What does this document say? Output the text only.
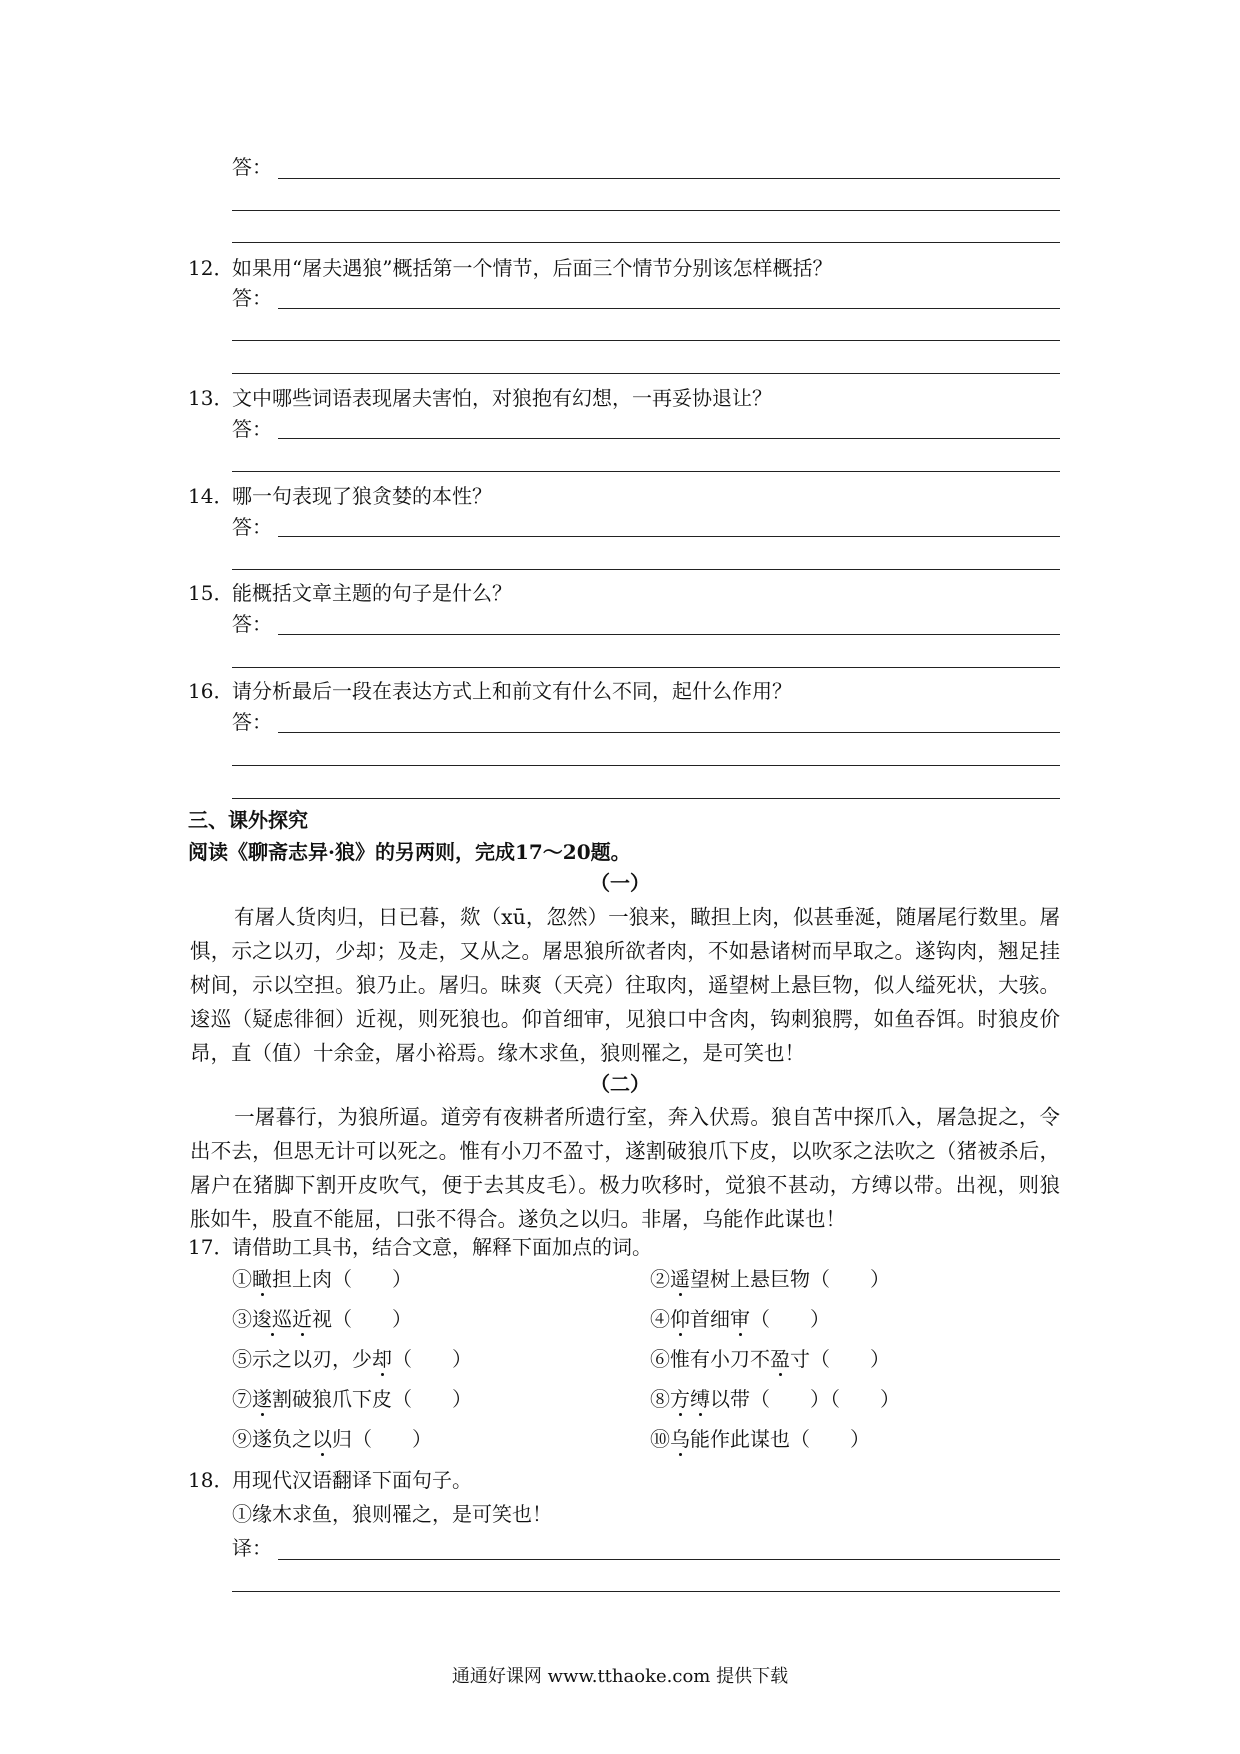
答：
12．
如果用“屠夫遇狼”概括第一个情节，后面三个情节分别该怎样概括？
答：
13．
文中哪些词语表现屠夫害怕，对狼抱有幻想，一再妥协退让？
答：
14．
哪一句表现了狼贪婪的本性？
答：
15．
能概括文章主题的句子是什么？
答：
16．
请分析最后一段在表达方式上和前文有什么不同，起什么作用？
答：
三、课外探究
阅读《聊斋志异·狼》的另两则，完成17～20题。
（一）
有屠人货肉归，日已暮，欻（xū，忽然）一狼来，瞰担上肉，似甚垂涎，随屠尾行数里。屠惧，示之以刃，少却；及走，又从之。屠思狼所欲者肉，不如悬诸树而早取之。遂钩肉，翘足挂树间，示以空担。狼乃止。屠归。昧爽（天亮）往取肉，遥望树上悬巨物，似人缢死状，大骇。逡巡（疑虑徘徊）近视，则死狼也。仰首细审，见狼口中含肉，钩刺狼腭，如鱼吞饵。时狼皮价昂，直（值）十余金，屠小裕焉。缘木求鱼，狼则罹之，是可笑也！
（二）
一屠暮行，为狼所逼。道旁有夜耕者所遗行室，奔入伏焉。狼自苫中探爪入，屠急捉之，令出不去，但思无计可以死之。惟有小刀不盈寸，遂割破狼爪下皮，以吹豕之法吹之（猪被杀后，屠户在猪脚下割开皮吹气，便于去其皮毛）。极力吹移时，觉狼不甚动，方缚以带。出视，则狼胀如牛，股直不能屈，口张不得合。遂负之以归。非屠，乌能作此谋也！
17．
请借助工具书，结合文意，解释下面加点的词。
①瞰担上肉（　　）	②遥望树上悬巨物（　　）
③逡巡近视（　　）	④仰首细审（　　）
⑤示之以刃，少却（　　）	⑥惟有小刀不盈寸（　　）
⑦遂割破狼爪下皮（　　）	⑧方缚以带（　　）（　　）
⑨遂负之以归（　　）	⑩乌能作此谋也（　　）
18．
用现代汉语翻译下面句子。
①缘木求鱼，狼则罹之，是可笑也！
译：
通通好课网 www.tthaoke.com 提供下载
